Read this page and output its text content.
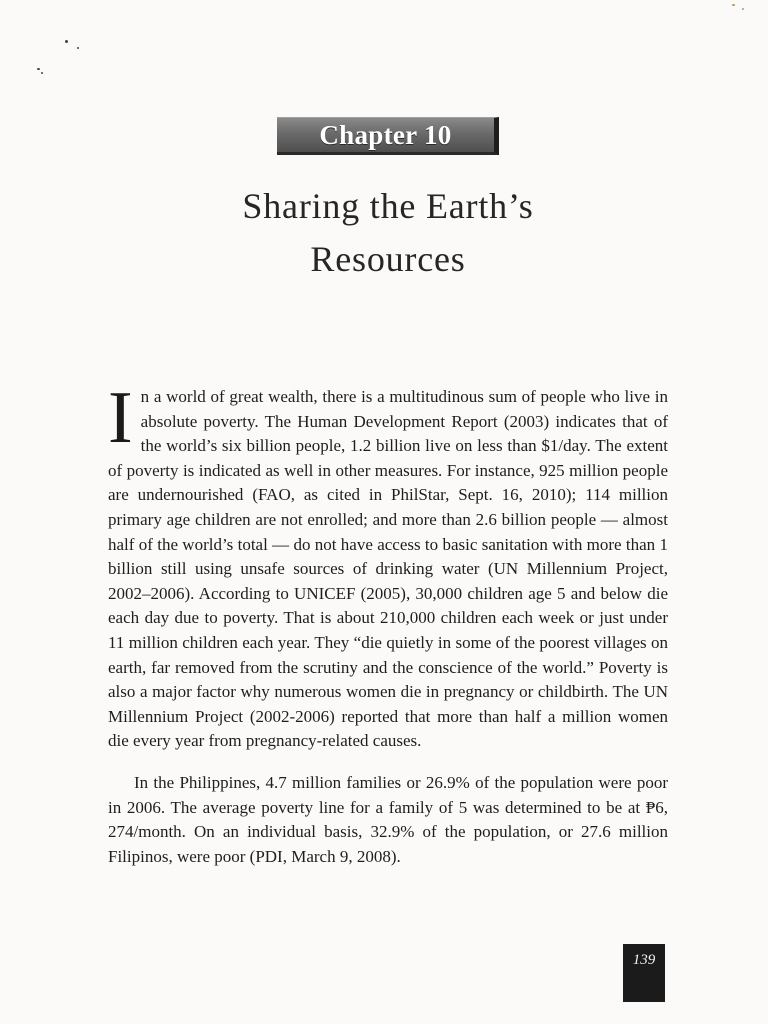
Chapter 10
Sharing the Earth’s
Resources

In a world of great wealth, there is a multitudinous sum of people who live in absolute poverty. The Human Development Report (2003) indicates that of the world’s six billion people, 1.2 billion live on less than $1/day. The extent of poverty is indicated as well in other measures. For instance, 925 million people are undernourished (FAO, as cited in PhilStar, Sept. 16, 2010); 114 million primary age children are not enrolled; and more than 2.6 billion people — almost half of the world’s total — do not have access to basic sanitation with more than 1 billion still using unsafe sources of drinking water (UN Millennium Project, 2002–2006). According to UNICEF (2005), 30,000 children age 5 and below die each day due to poverty. That is about 210,000 children each week or just under 11 million children each year. They “die quietly in some of the poorest villages on earth, far removed from the scrutiny and the conscience of the world.” Poverty is also a major factor why numerous women die in pregnancy or childbirth. The UN Millennium Project (2002-2006) reported that more than half a million women die every year from pregnancy-related causes.

In the Philippines, 4.7 million families or 26.9% of the population were poor in 2006. The average poverty line for a family of 5 was determined to be at ₱6, 274/month. On an individual basis, 32.9% of the population, or 27.6 million Filipinos, were poor (PDI, March 9, 2008).

139
